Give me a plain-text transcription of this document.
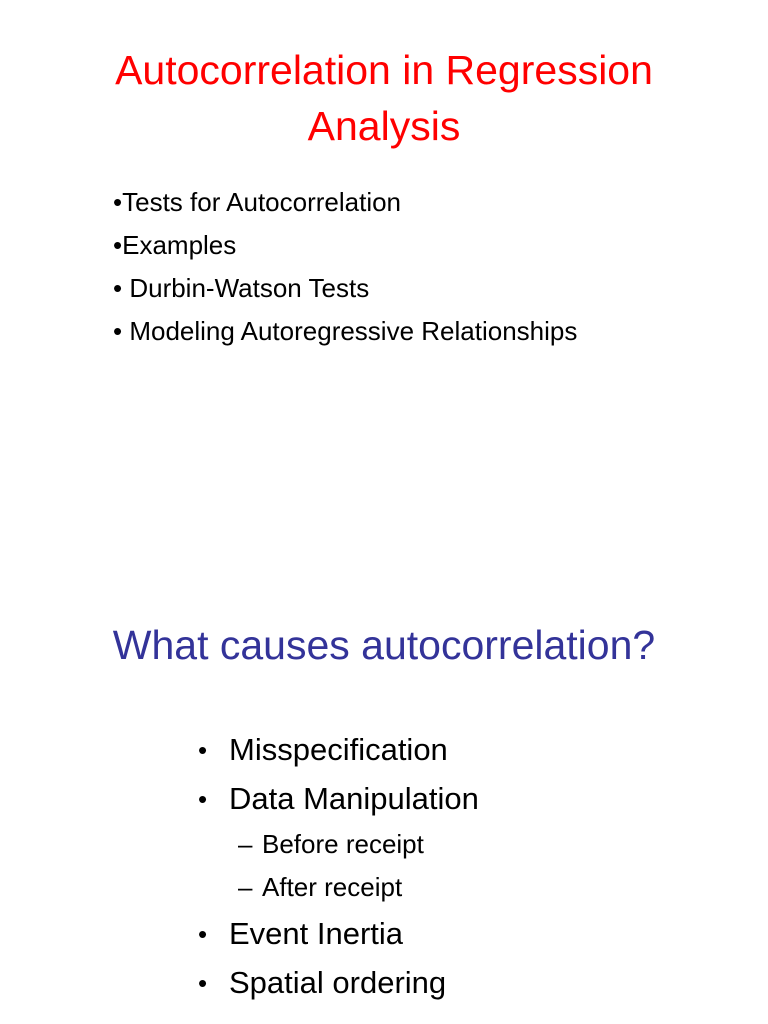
Autocorrelation in Regression
Analysis
•Tests for Autocorrelation
•Examples
• Durbin-Watson Tests
• Modeling Autoregressive Relationships
What causes autocorrelation?
• Misspecification
• Data Manipulation
– Before receipt
– After receipt
• Event Inertia
• Spatial ordering
